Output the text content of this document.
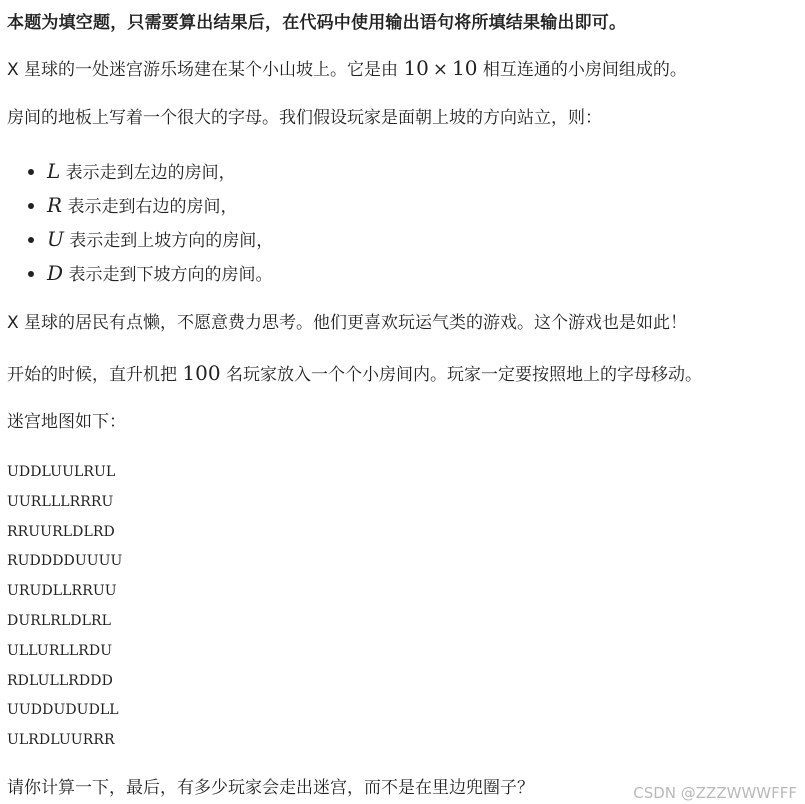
本题为填空题，只需要算出结果后，在代码中使用输出语句将所填结果输出即可。
X 星球的一处迷宫游乐场建在某个小山坡上。它是由 10 × 10 相互连通的小房间组成的。
房间的地板上写着一个很大的字母。我们假设玩家是面朝上坡的方向站立，则：
L 表示走到左边的房间，
R 表示走到右边的房间，
U 表示走到上坡方向的房间，
D 表示走到下坡方向的房间。
X 星球的居民有点懒，不愿意费力思考。他们更喜欢玩运气类的游戏。这个游戏也是如此！
开始的时候，直升机把 100 名玩家放入一个个小房间内。玩家一定要按照地上的字母移动。
迷宫地图如下：
UDDLUULRUL
UURLLLRRRU
RRUURLDLRD
RUDDDDUUUU
URUDLLRRUU
DURLRLDLRL
ULLURLLRDU
RDLULLRDDD
UUDDUDUDLL
ULRDLUURRR
请你计算一下，最后，有多少玩家会走出迷宫，而不是在里边兜圈子？	CSDN @ZZZWWWFFF
